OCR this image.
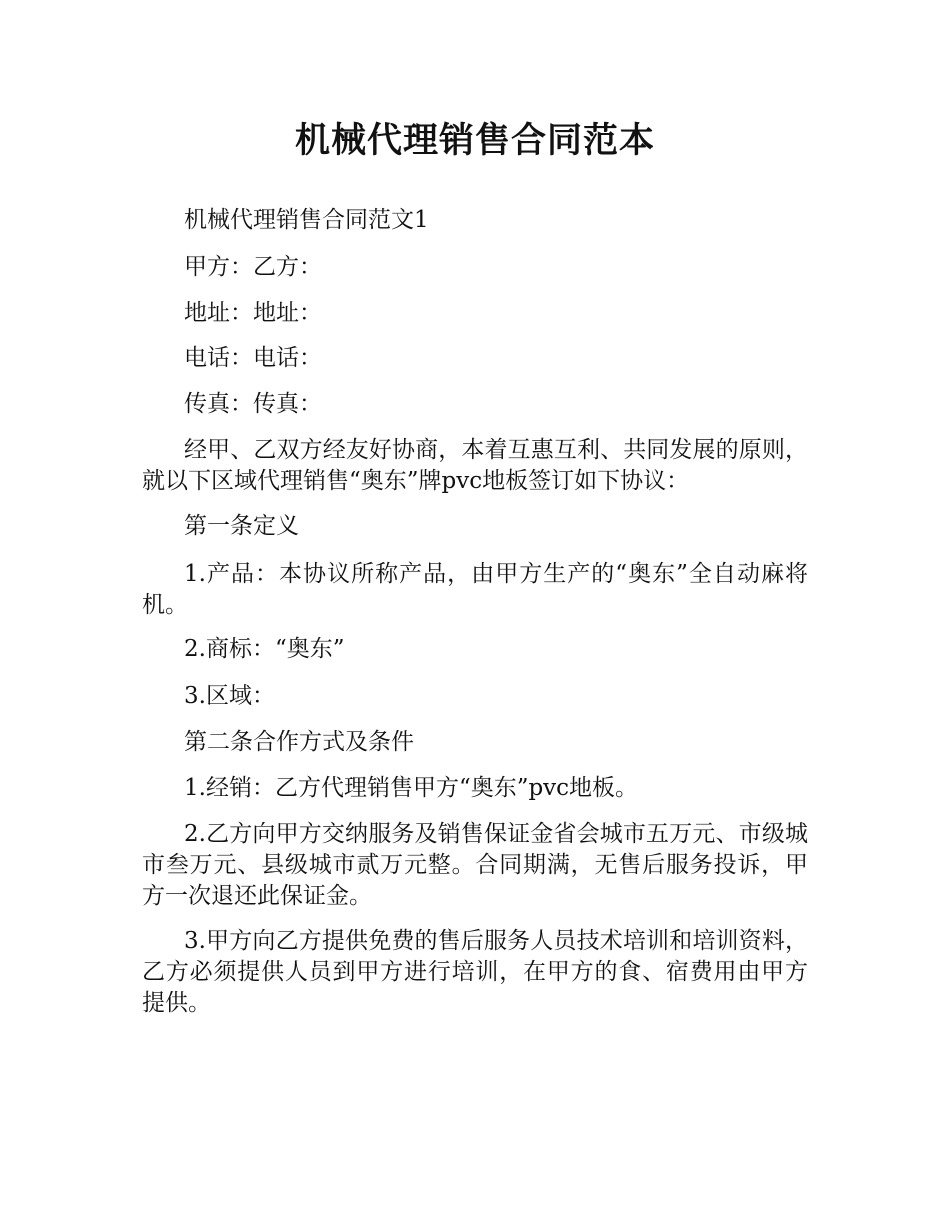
机械代理销售合同范本

机械代理销售合同范文1

甲方：乙方：

地址：地址：

电话：电话：

传真：传真：

经甲、乙双方经友好协商，本着互惠互利、共同发展的原则，就以下区域代理销售“奥东”牌pvc地板签订如下协议：

第一条定义

1.产品：本协议所称产品，由甲方生产的“奥东”全自动麻将机。

2.商标：“奥东”

3.区域：

第二条合作方式及条件

1.经销：乙方代理销售甲方“奥东”pvc地板。

2.乙方向甲方交纳服务及销售保证金省会城市五万元、市级城市叁万元、县级城市贰万元整。合同期满，无售后服务投诉，甲方一次退还此保证金。

3.甲方向乙方提供免费的售后服务人员技术培训和培训资料，乙方必须提供人员到甲方进行培训，在甲方的食、宿费用由甲方提供。
